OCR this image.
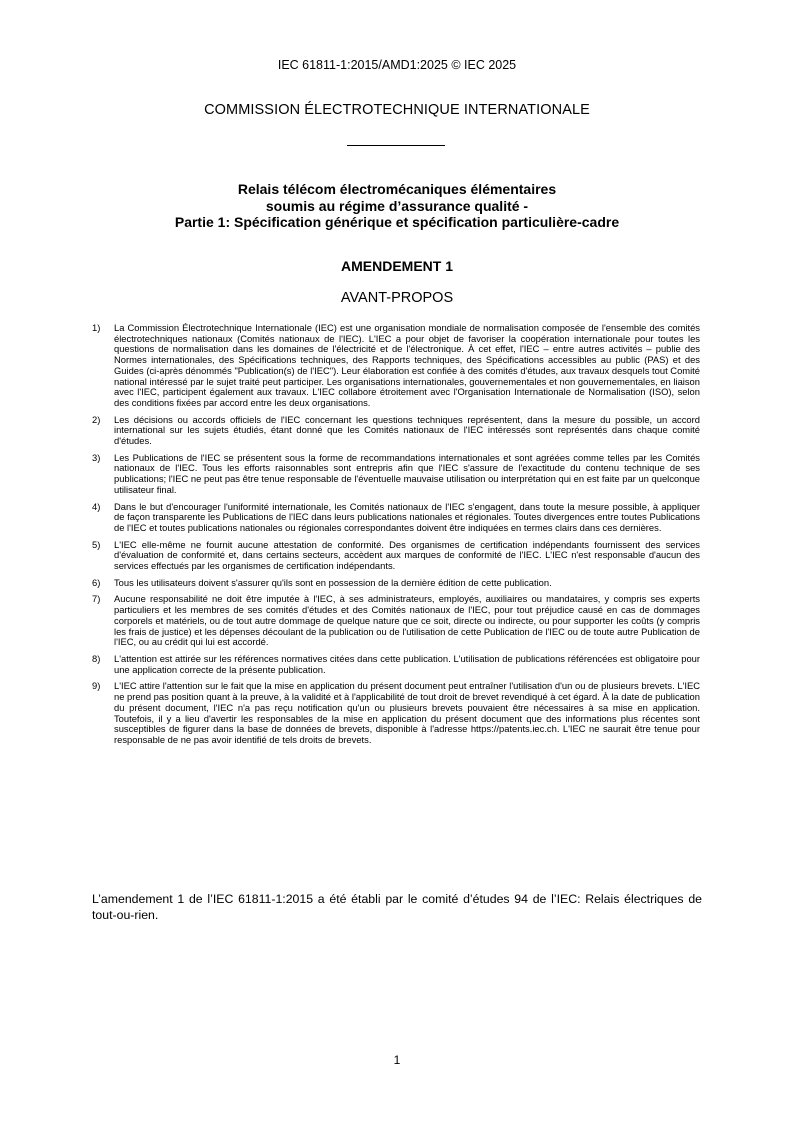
IEC 61811-1:2015/AMD1:2025 © IEC 2025
COMMISSION ÉLECTROTECHNIQUE INTERNATIONALE
Relais télécom électromécaniques élémentaires
soumis au régime d’assurance qualité -
Partie 1: Spécification générique et spécification particulière-cadre
AMENDEMENT 1
AVANT-PROPOS
1) La Commission Électrotechnique Internationale (IEC) est une organisation mondiale de normalisation composée de l'ensemble des comités électrotechniques nationaux (Comités nationaux de l'IEC). L'IEC a pour objet de favoriser la coopération internationale pour toutes les questions de normalisation dans les domaines de l'électricité et de l'électronique. À cet effet, l'IEC – entre autres activités – publie des Normes internationales, des Spécifications techniques, des Rapports techniques, des Spécifications accessibles au public (PAS) et des Guides (ci-après dénommés "Publication(s) de l'IEC"). Leur élaboration est confiée à des comités d'études, aux travaux desquels tout Comité national intéressé par le sujet traité peut participer. Les organisations internationales, gouvernementales et non gouvernementales, en liaison avec l'IEC, participent également aux travaux. L'IEC collabore étroitement avec l'Organisation Internationale de Normalisation (ISO), selon des conditions fixées par accord entre les deux organisations.
2) Les décisions ou accords officiels de l'IEC concernant les questions techniques représentent, dans la mesure du possible, un accord international sur les sujets étudiés, étant donné que les Comités nationaux de l'IEC intéressés sont représentés dans chaque comité d'études.
3) Les Publications de l'IEC se présentent sous la forme de recommandations internationales et sont agréées comme telles par les Comités nationaux de l'IEC. Tous les efforts raisonnables sont entrepris afin que l'IEC s'assure de l'exactitude du contenu technique de ses publications; l'IEC ne peut pas être tenue responsable de l'éventuelle mauvaise utilisation ou interprétation qui en est faite par un quelconque utilisateur final.
4) Dans le but d'encourager l'uniformité internationale, les Comités nationaux de l'IEC s'engagent, dans toute la mesure possible, à appliquer de façon transparente les Publications de l'IEC dans leurs publications nationales et régionales. Toutes divergences entre toutes Publications de l'IEC et toutes publications nationales ou régionales correspondantes doivent être indiquées en termes clairs dans ces dernières.
5) L'IEC elle-même ne fournit aucune attestation de conformité. Des organismes de certification indépendants fournissent des services d'évaluation de conformité et, dans certains secteurs, accèdent aux marques de conformité de l'IEC. L'IEC n'est responsable d'aucun des services effectués par les organismes de certification indépendants.
6) Tous les utilisateurs doivent s'assurer qu'ils sont en possession de la dernière édition de cette publication.
7) Aucune responsabilité ne doit être imputée à l'IEC, à ses administrateurs, employés, auxiliaires ou mandataires, y compris ses experts particuliers et les membres de ses comités d'études et des Comités nationaux de l'IEC, pour tout préjudice causé en cas de dommages corporels et matériels, ou de tout autre dommage de quelque nature que ce soit, directe ou indirecte, ou pour supporter les coûts (y compris les frais de justice) et les dépenses découlant de la publication ou de l'utilisation de cette Publication de l'IEC ou de toute autre Publication de l'IEC, ou au crédit qui lui est accordé.
8) L'attention est attirée sur les références normatives citées dans cette publication. L'utilisation de publications référencées est obligatoire pour une application correcte de la présente publication.
9) L'IEC attire l'attention sur le fait que la mise en application du présent document peut entraîner l'utilisation d'un ou de plusieurs brevets. L'IEC ne prend pas position quant à la preuve, à la validité et à l'applicabilité de tout droit de brevet revendiqué à cet égard. À la date de publication du présent document, l'IEC n'a pas reçu notification qu'un ou plusieurs brevets pouvaient être nécessaires à sa mise en application. Toutefois, il y a lieu d'avertir les responsables de la mise en application du présent document que des informations plus récentes sont susceptibles de figurer dans la base de données de brevets, disponible à l'adresse https://patents.iec.ch. L'IEC ne saurait être tenue pour responsable de ne pas avoir identifié de tels droits de brevets.
L’amendement 1 de l’IEC 61811-1:2015 a été établi par le comité d’études 94 de l’IEC: Relais électriques de tout-ou-rien.
1
